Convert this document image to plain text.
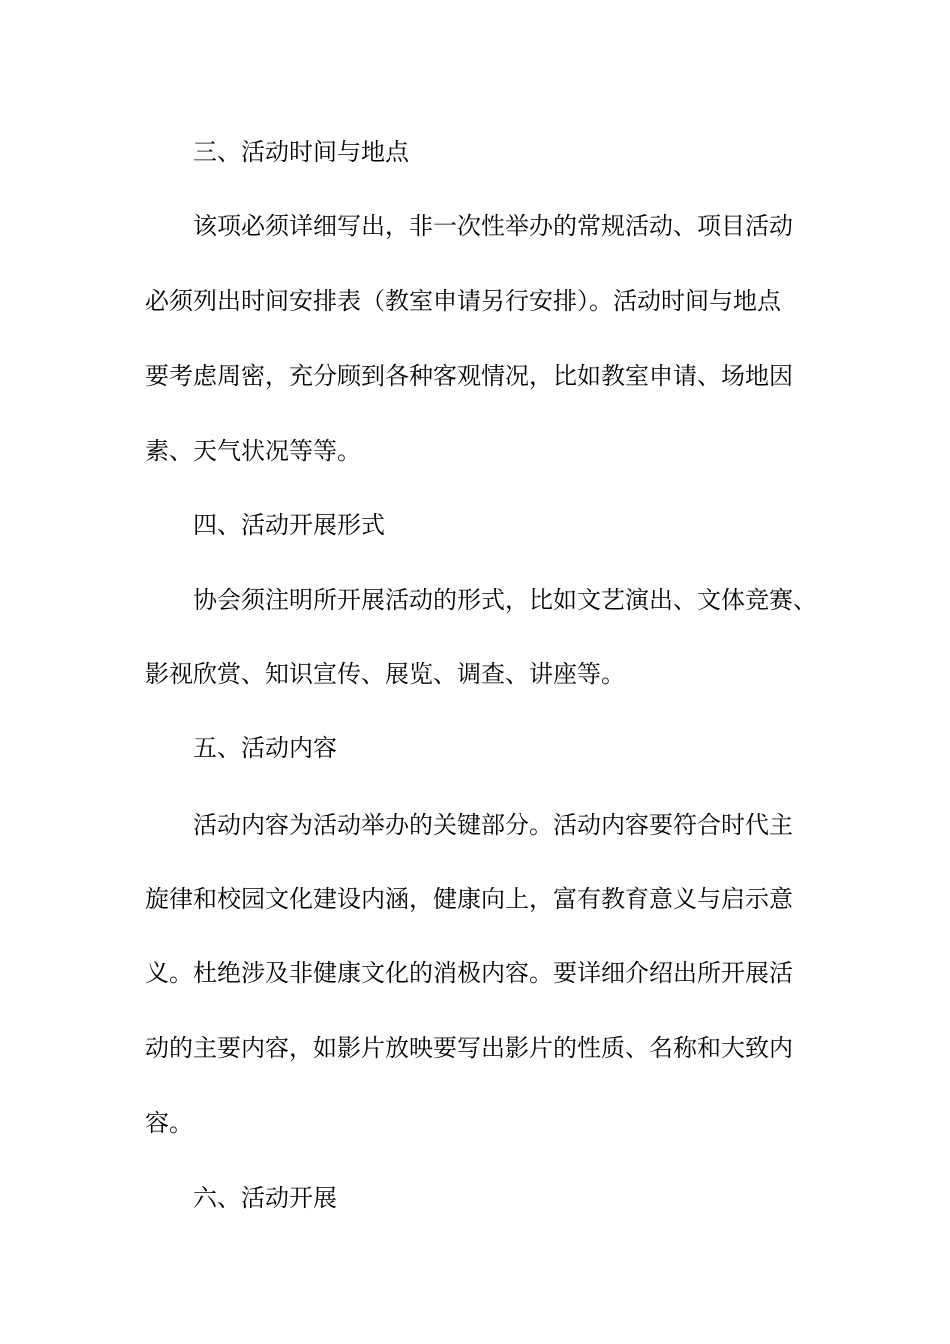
三、活动时间与地点
该项必须详细写出，非一次性举办的常规活动、项目活动
必须列出时间安排表（教室申请另行安排）。活动时间与地点
要考虑周密，充分顾到各种客观情况，比如教室申请、场地因
素、天气状况等等。
四、活动开展形式
协会须注明所开展活动的形式，比如文艺演出、文体竞赛、
影视欣赏、知识宣传、展览、调查、讲座等。
五、活动内容
活动内容为活动举办的关键部分。活动内容要符合时代主
旋律和校园文化建设内涵，健康向上，富有教育意义与启示意
义。杜绝涉及非健康文化的消极内容。要详细介绍出所开展活
动的主要内容，如影片放映要写出影片的性质、名称和大致内
容。
六、活动开展
